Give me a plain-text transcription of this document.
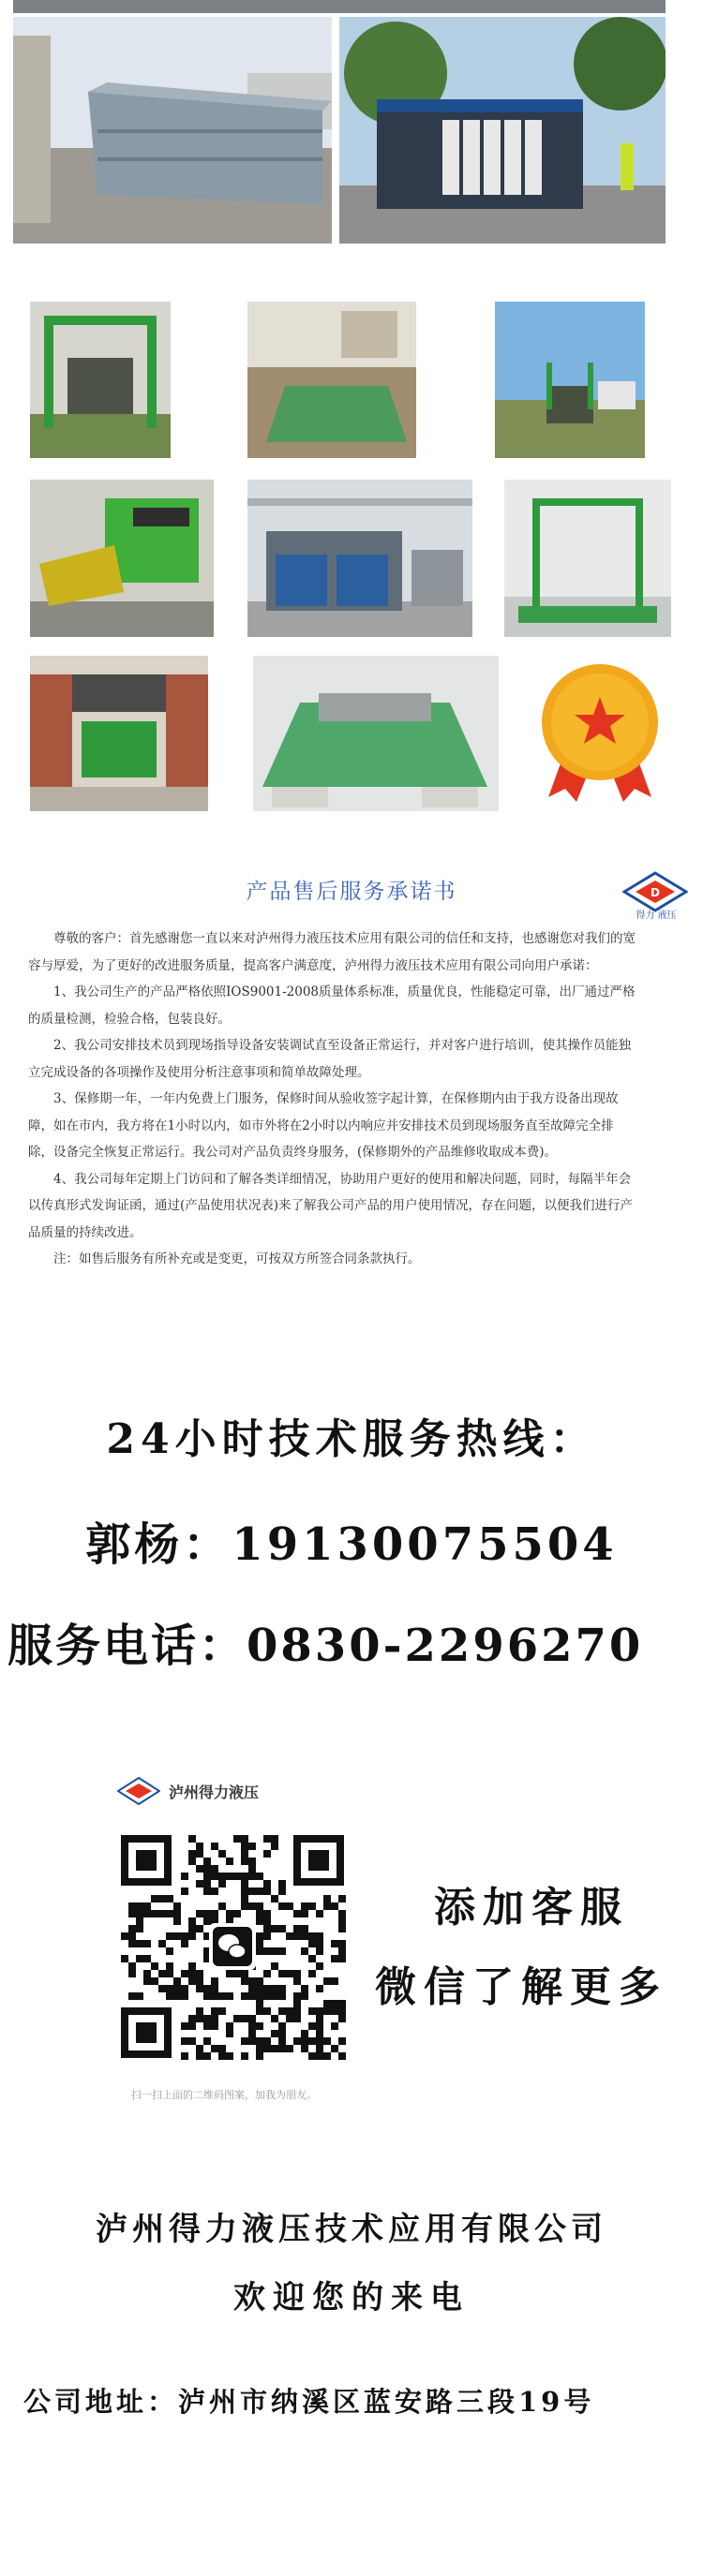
产品售后服务承诺书	D
得力 液压

尊敬的客户：首先感谢您一直以来对泸州得力液压技术应用有限公司的信任和支持，也感谢您对我们的宽容与厚爱，为了更好的改进服务质量，提高客户满意度，泸州得力液压技术应用有限公司向用户承诺：

1、我公司生产的产品严格依照IOS9001-2008质量体系标准，质量优良，性能稳定可靠，出厂通过严格的质量检测，检验合格，包装良好。

2、我公司安排技术员到现场指导设备安装调试直至设备正常运行，并对客户进行培训，使其操作员能独立完成设备的各项操作及使用分析注意事项和简单故障处理。

3、保修期一年，一年内免费上门服务，保修时间从验收签字起计算，在保修期内由于我方设备出现故障，如在市内，我方将在1小时以内，如市外将在2小时以内响应并安排技术员到现场服务直至故障完全排除，设备完全恢复正常运行。我公司对产品负责终身服务，(保修期外的产品维修收取成本费)。

4、我公司每年定期上门访问和了解各类详细情况，协助用户更好的使用和解决问题，同时，每隔半年会以传真形式发询证函，通过(产品使用状况表)来了解我公司产品的用户使用情况，存在问题，以便我们进行产品质量的持续改进。

注：如售后服务有所补充或是变更，可按双方所签合同条款执行。

24小时技术服务热线：
郭杨：19130075504
服务电话：0830-2296270
泸州得力液压
扫一扫上面的二维码图案，加我为朋友。
添加客服
微信了解更多
泸州得力液压技术应用有限公司
欢迎您的来电
公司地址：泸州市纳溪区蓝安路三段19号
